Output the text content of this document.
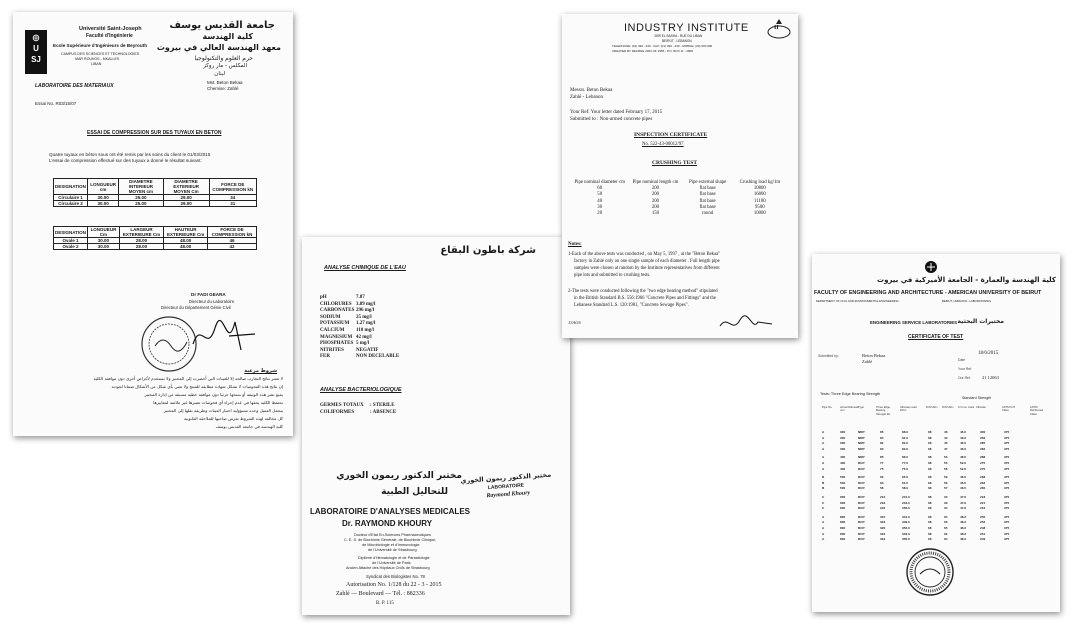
◎
U
SJ
Université Saint-Joseph
Faculté d'Ingénierie
Ecole Supérieure d'Ingénieurs de Beyrouth
CAMPUS DES SCIENCES ET TECHNOLOGIES
MAR ROUKOS - MKALLES
LIBAN
جامعة القديس يوسف
كلية الهندسة
معهد الهندسة العالي في بيروت
حرم العلوم والتكنولوجيا
المكلس - مار روكز
لبنان
LABORATOIRE DES MATERIAUX
Mst. Beton Bekaa
Chemise: Zahlé
Essai No. R03/15/07
ESSAI DE COMPRESSION SUR DES TUYAUX EN BETON
Quatre tuyaux en béton sous ont été remis par les soins du client le 01/03/2015
L'essai de compression effectué sur des tuyaux a donné le résultat suivant:
DESIGNATION	LONGUEUR cm	DIAMETRE INTERIEUR MOYEN cm	DIAMETRE EXTERIEUR MOYEN Cm	FORCE DE COMPRESSION kN
Circulaire 1	30.00	25.00	29.00	34
Circulaire 2	30.00	25.00	29.00	31
DESIGNATION	LONGUEUR Cm	LARGEUR EXTERIEURE Cm	HAUTEUR EXTERIEURE Cm	FORCE DE COMPRESSION kN
Ovale 1	30.00	28.00	48.00	46
Ovale 2	30.00	28.00	48.00	42
Dr FADI GEARA
Directeur du Laboratoire
Directeur du Département Génie Civil
شروط مرعية
لا تعتبر نتائج التجارب صالحة إلا للعينات التي أحضرت إلى المختبر ولا تستخدم لأغراض أخرى دون موافقة الكلية
إن نتائج هذه الفحوصات لا تشكل شهادة مطابقة للمنتج ولا تعني بأي شكل من الأشكال ضمانا لجودته
يمنع نشر هذه الوثيقة أو نسخها جزئيا دون موافقة خطية مسبقة من إدارة المختبر
تحتفظ الكلية بحقها في عدم إجراء أي فحوصات تعتبرها غير ملائمة لمعاييرها
يتحمل العميل وحده مسؤولية اختيار العينات وطريقة نقلها إلى المختبر
كل مخالفة لهذه الشروط تعرض صاحبها للملاحقة القانونية
كلية الهندسة في جامعة القديس يوسف
شركة باطون البقاع
ANALYSE CHIMIQUE DE L'EAU
pH	7.87
CHLORURES 3.89 mg/l
CARBONATES 296 mg/l
SODIUM	25 mg/l
POTASSIUM 1.27 mg/l
CALCIUM 110 mg/l
MAGNESIUM 42 mg/l
PHOSPHATES 5 mg/l
NITRITES NEGATIF
FER	NON DECELABLE
ANALYSE BACTERIOLOGIQUE
GERMES TOTAUX : STERILE
COLIFORMES	: ABSENCE
مختبر الدكتور ريمون الخوري
للتحاليل الطبية
مختبر الدكتور ريمون الخوري
LABORATOIRE
Raymond Khoury
LABORATOIRE D'ANALYSES MEDICALES
Dr. RAYMOND KHOURY
Docteur d'Etat En-Sciences Pharmaceutiques
C. E. S. de Biochimie Générale, de Biochimie Clinique,
de Microbiologie et d'Immunologie
de l'Université de Strasbourg
Diplômé d'Hématologie et de Parasitologie
de l'Université de Paris
Ancien Attaché des Hôpitaux Civils de Strasbourg
Syndicat des Biologistes No. 78
Autorisation No. 1/128 du 22 - 3 - 2015
Zahlé — Boulevard — Tél. : 882336
B. P. 115
INDUSTRY INSTITUTE	II
JISR EL BASHA - RUE DU LIBAN
BEIRUT - LEBANON
TELEPHONE: (01) 490 - 420 - FAX: (01) 490 - 430 - MOBILE: (03) 000 000
CREATED BY DECREE 2362 OF 1955 - P.O. BOX 11 - 2806
Messrs. Beton Bekaa
Zahlé - Lebanon
Your Ref: Your letter dated February 17, 2015
Submitted to : Non-armed concrete pipes
INSPECTION CERTIFICATE
No. 522-43-00012/97
CRUSHING TEST
Pipe nominal diameter cm	Pipe nominal length cm	Pipe external shape	Crushing load kg/1m
60	200	flat base	10800
50	200	flat base	16800
40	200	flat base	11100
30	200	flat base	9500
20	150	round	10000
Notes:
1-Each of the above tests was conducted , on May 5, 1997 , at the "Beton Bekaa"
factory in Zahlé only on one single sample of each diameter . Full length pipe
samples were chosen at random by the Institute representatives from different
pipe lots and submitted to crushing tests.
2-The tests were conducted following the "two edge bearing method" stipulated
in the British Standard B.S. 556:1966 "Concrete Pipes and Fittings" and the
Lebanese Standard L.S. 120:1981, "Concrete Sewage Pipes".
13AG6
كلية الهندسة والعمارة - الجامعة الأميركية في بيروت
FACULTY OF ENGINEERING AND ARCHITECTURE - AMERICAN UNIVERSITY OF BEIRUT
DEPARTMENT OF CIVIL AND ENVIRONMENTAL ENGINEERING	BEIRUT, LEBANON - LABORATORIES
ENGINEERING SERVICE LABORATORIES مختبرات البحثية
CERTIFICATE OF TEST
Submitted by:	Beton Bekaa
Zahlé	Date
18/6/2015
Your Ref.
Our Ref. 21 12063
Tests: Three Edge Bearing Strength
Standard Strength
Pipe No.	Actual Diameter mm
Type	Three Edge Bearing Strength kN
Ultimate Load kN/m
D/N kN/m	D/N kN/m	0.3 mm crack Ultimate	ASTM C76 Class
ASTM Reinforced Class
A	300	NRP	85	88.0	68	46	46.0	300	375
A	300	NRP	84	81.0	68	44	46.0	283	375
A	300	NRP	82	82.0	68	45	46.0	285	375
A	300	NRP	83	83.0	68	47	46.0	282	375
A	400	NRP	85	86.0	68	53	48.0	288	375
A	400	RCP	77	77.0	68	55	52.0	275	375
A	400	RCP	75	75.0	68	58	52.0	270	375
B	500	RCP	62	65.0	68	59	46.5	268	375
B	500	RCP	60	61.0	68	56	46.5	262	375
B	500	RCP	58	58.0	68	57	46.5	260	375
C	600	RCP	213	241.0	68	34	47.6	218	375
C	600	RCP	218	243.0	68	33	47.6	221	375
C	600	RCP	222	256.0	68	34	47.6	216	375
A	800	RCP	315	341.0	68	64	48.3	250	375
A	800	RCP	318	349.0	68	63	48.3	252	375
A	800	RCP	320	353.0	68	65	48.3	248	375
A	800	RCP	316	346.0	68	62	48.3	251	375
A	800	RCP	319	350.0	68	64	48.3	249	375
